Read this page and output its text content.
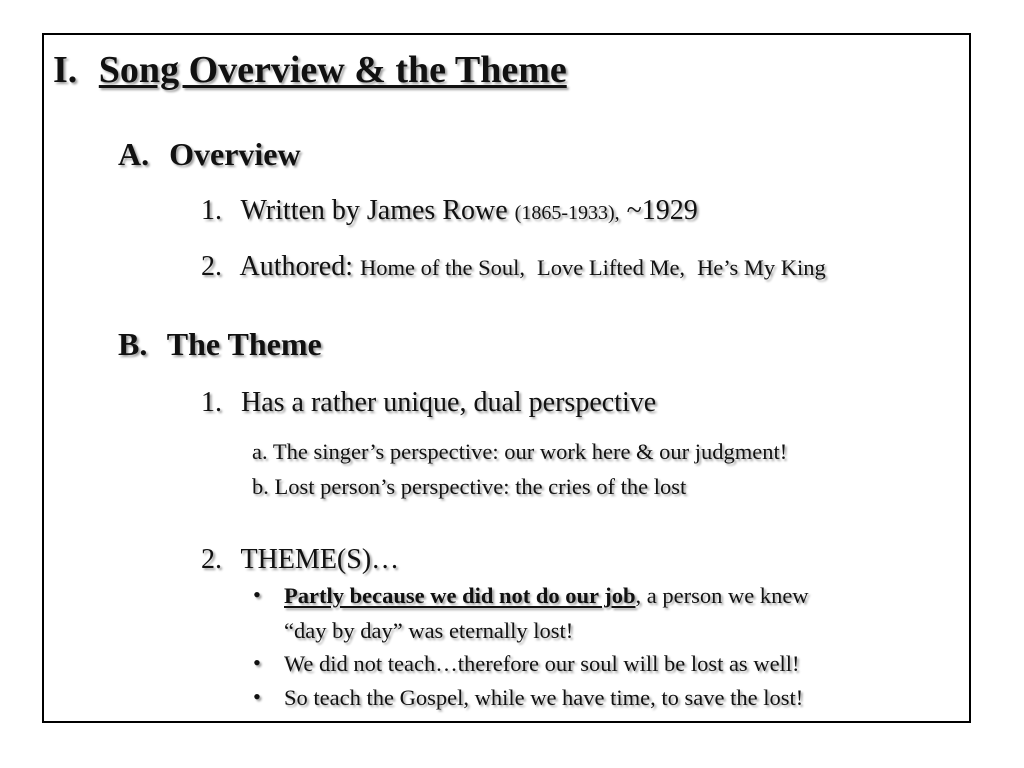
I. Song Overview & the Theme
A. Overview
1. Written by James Rowe (1865-1933), ~1929
2. Authored: Home of the Soul, Love Lifted Me, He’s My King
B. The Theme
1. Has a rather unique, dual perspective
a. The singer’s perspective: our work here & our judgment!
b. Lost person’s perspective: the cries of the lost
2. THEME(S)…
• Partly because we did not do our job, a person we knew
“day by day” was eternally lost!
• We did not teach…therefore our soul will be lost as well!
• So teach the Gospel, while we have time, to save the lost!
